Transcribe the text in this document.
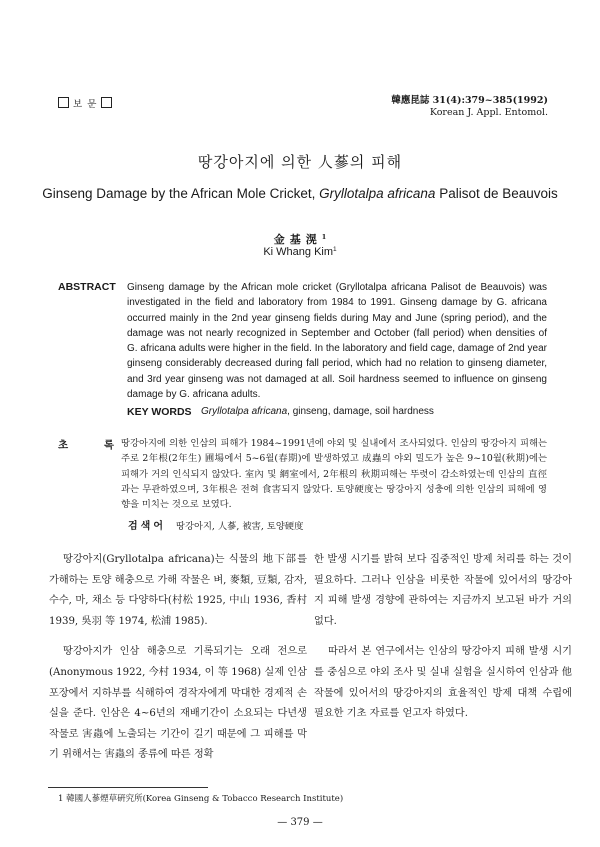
보 문	韓應昆誌 31(4):379~385(1992)
Korean J. Appl. Entomol.
땅강아지에 의한 人蔘의 피해
Ginseng Damage by the African Mole Cricket, Gryllotalpa africana Palisot de Beauvois
金基滉$^1$
Ki Whang Kim$^1$
ABSTRACT Ginseng damage by the African mole cricket (Gryllotalpa africana Palisot de Beauvois) was investigated in the field and laboratory from 1984 to 1991. Ginseng damage by G. africana occurred mainly in the 2nd year ginseng fields during May and June (spring period), and the damage was not nearly recognized in September and October (fall period) when densities of G. africana adults were higher in the field. In the laboratory and field cage, damage of 2nd year ginseng considerably decreased during fall period, which had no relation to ginseng diameter, and 3rd year ginseng was not damaged at all. Soil hardness seemed to influence on ginseng damage by G. africana adults.
KEY WORDS Gryllotalpa africana, ginseng, damage, soil hardness
초	록 땅강아지에 의한 인삼의 피해가 1984~1991년에 야외 및 실내에서 조사되었다. 인삼의 땅강아지 피해는 주로 2年根(2年生) 圃場에서 5~6월(春期)에 발생하였고 成蟲의 야외 밀도가 높은 9~10월(秋期)에는 피해가 거의 인식되지 않았다. 室內 및 網室에서, 2年根의 秋期피해는 뚜렷이 감소하였는데 인삼의 直徑과는 무관하였으며, 3年根은 전혀 食害되지 않았다. 토양硬度는 땅강아지 성충에 의한 인삼의 피해에 영향을 미치는 것으로 보였다.
검색어 땅강아지, 人蔘, 被害, 토양硬度

땅강아지(Gryllotalpa africana)는 식물의 地下部를 가해하는 토양 해충으로 가해 작물은 벼, 麥類, 豆類, 감자, 수수, 마, 채소 등 다양하다(村松 1925, 中山 1936, 香村 1939, 吳羽 等 1974, 松浦 1985).

땅강아지가 인삼 해충으로 기록되기는 오래 전으로(Anonymous 1922, 今村 1934, 이 等 1968) 실제 인삼 포장에서 지하부를 식해하여 경작자에게 막대한 경제적 손실을 준다. 인삼은 4~6년의 재배기간이 소요되는 다년생작물로 害蟲에 노출되는 기간이 길기 때문에 그 피해를 막기 위해서는 害蟲의 종류에 따른 정확

한 발생 시기를 밝혀 보다 집중적인 방제 처리를 하는 것이 필요하다. 그러나 인삼을 비롯한 작물에 있어서의 땅강아지 피해 발생 경향에 관하여는 지금까지 보고된 바가 거의 없다.

따라서 본 연구에서는 인삼의 땅강아지 피해 발생 시기를 중심으로 야외 조사 및 실내 실험을 실시하여 인삼과 他 작물에 있어서의 땅강아지의 효율적인 방제 대책 수립에 필요한 기초 자료를 얻고자 하였다.

1 韓國人蔘煙草硏究所(Korea Ginseng & Tobacco Research Institute)
— 379 —
